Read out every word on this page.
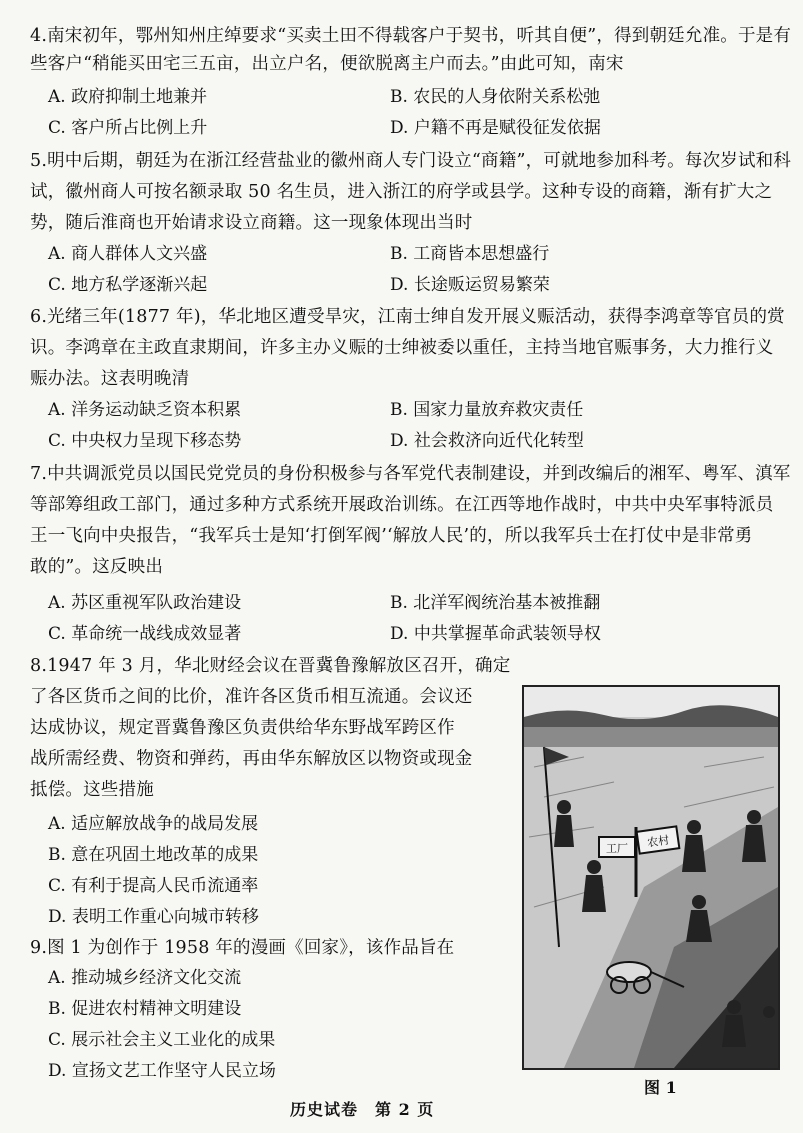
4.南宋初年，鄂州知州庄绰要求“买卖土田不得载客户于契书，听其自便”，得到朝廷允准。于是有
些客户“稍能买田宅三五亩，出立户名，便欲脱离主户而去。”由此可知，南宋
A. 政府抑制土地兼并	B. 农民的人身依附关系松弛
C. 客户所占比例上升	D. 户籍不再是赋役征发依据
5.明中后期，朝廷为在浙江经营盐业的徽州商人专门设立“商籍”，可就地参加科考。每次岁试和科
试，徽州商人可按名额录取 50 名生员，进入浙江的府学或县学。这种专设的商籍，渐有扩大之
势，随后淮商也开始请求设立商籍。这一现象体现出当时
A. 商人群体人文兴盛	B. 工商皆本思想盛行
C. 地方私学逐渐兴起	D. 长途贩运贸易繁荣
6.光绪三年(1877 年)，华北地区遭受旱灾，江南士绅自发开展义赈活动，获得李鸿章等官员的赏
识。李鸿章在主政直隶期间，许多主办义赈的士绅被委以重任，主持当地官赈事务，大力推行义
赈办法。这表明晚清
A. 洋务运动缺乏资本积累	B. 国家力量放弃救灾责任
C. 中央权力呈现下移态势	D. 社会救济向近代化转型
7.中共调派党员以国民党党员的身份积极参与各军党代表制建设，并到改编后的湘军、粤军、滇军
等部筹组政工部门，通过多种方式系统开展政治训练。在江西等地作战时，中共中央军事特派员
王一飞向中央报告，“我军兵士是知‘打倒军阀’‘解放人民’的，所以我军兵士在打仗中是非常勇
敢的”。这反映出
A. 苏区重视军队政治建设	B. 北洋军阀统治基本被推翻
C. 革命统一战线成效显著	D. 中共掌握革命武装领导权
8.1947 年 3 月，华北财经会议在晋冀鲁豫解放区召开，确定
了各区货币之间的比价，准许各区货币相互流通。会议还
达成协议，规定晋冀鲁豫区负责供给华东野战军跨区作
战所需经费、物资和弹药，再由华东解放区以物资或现金
抵偿。这些措施
A. 适应解放战争的战局发展
B. 意在巩固土地改革的成果
C. 有利于提高人民币流通率
D. 表明工作重心向城市转移
9.图 1 为创作于 1958 年的漫画《回家》，该作品旨在
A. 推动城乡经济文化交流
B. 促进农村精神文明建设
C. 展示社会主义工业化的成果
D. 宣扬文艺工作坚守人民立场
工厂 农村
图 1
历史试卷　第 2 页
